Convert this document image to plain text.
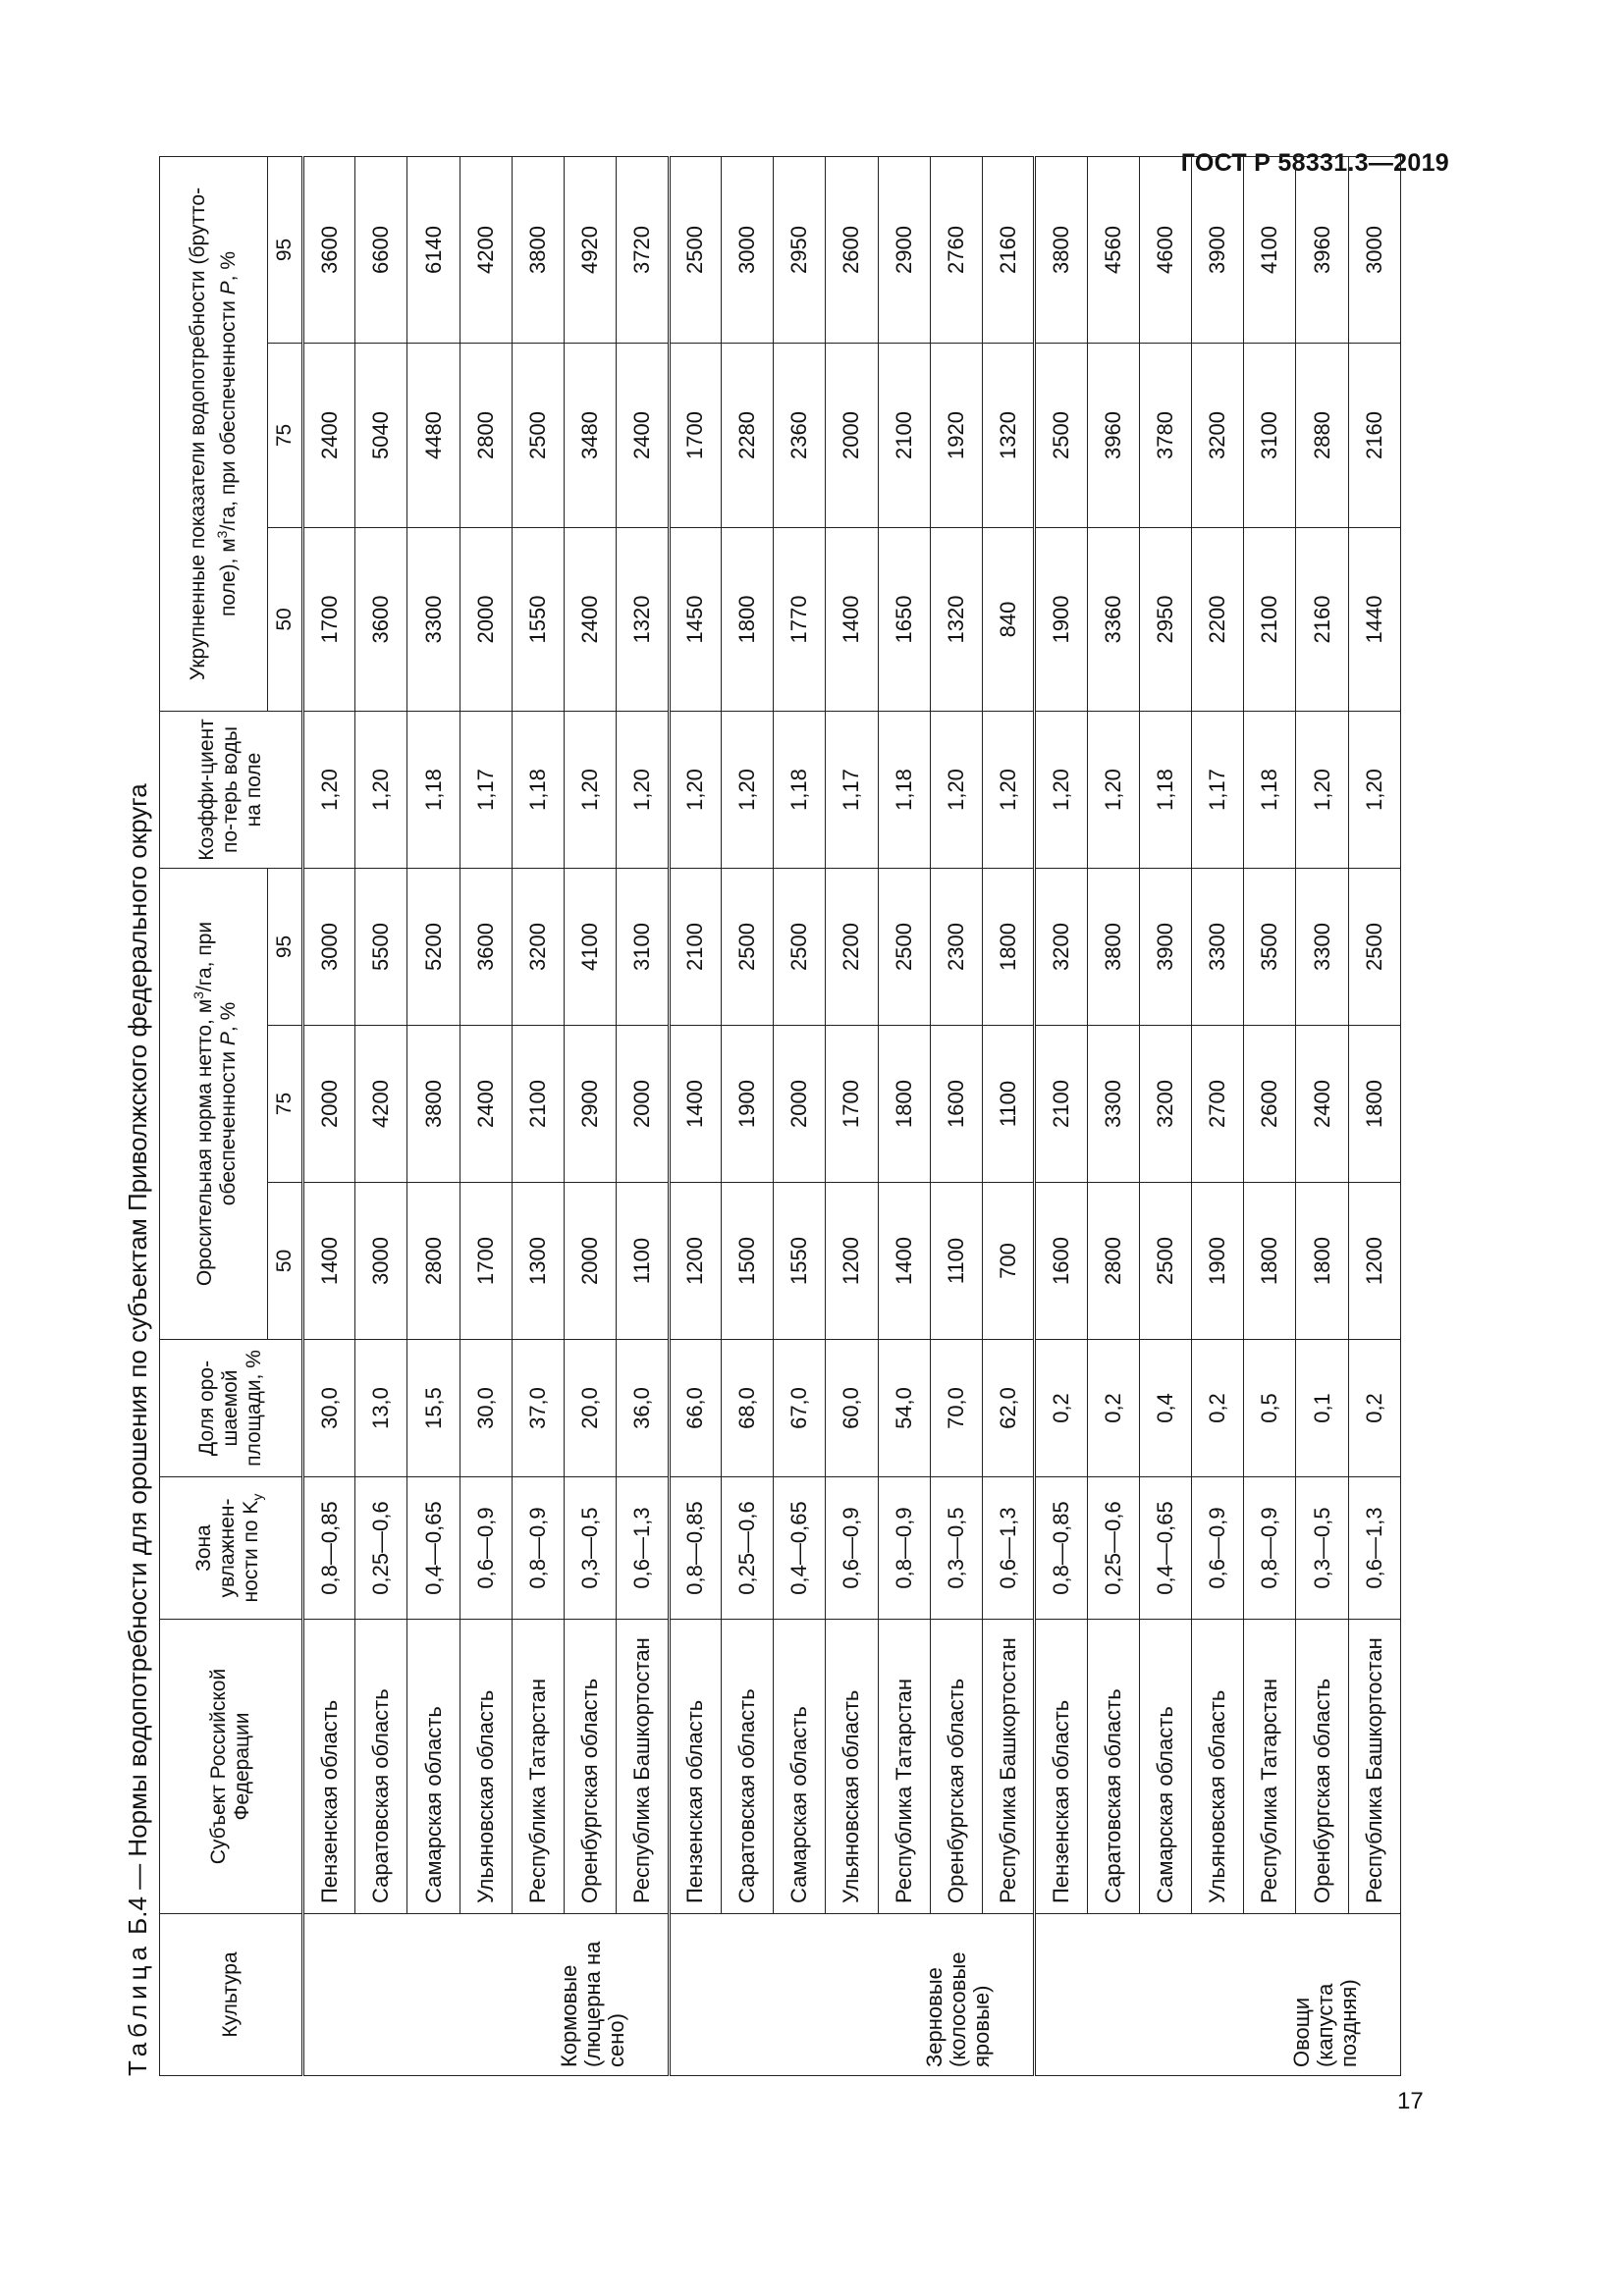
ГОСТ Р 58331.3—2019
Таблица Б.4 — Нормы водопотребности для орошения по субъектам Приволжского федерального округа
Культура	Субъект Российской Федерации	Зона увлажнен-ности по $K_у$	Доля оро-шаемой площади, %	Оросительная норма нетто, $м^3/га$, при обеспеченности P, %			Коэффи-циент по-терь воды на поле	Укрупненные показатели водопотребности (брутто-поле), $м^3/га$, при обеспеченности P, %		
				50	75	95		50	75	95
Кормовые (люцерна на сено)	Пензенская область	0,8—0,85	30,0	1400	2000	3000	1,20	1700	2400	3600
	Саратовская область	0,25—0,6	13,0	3000	4200	5500	1,20	3600	5040	6600
	Самарская область	0,4—0,65	15,5	2800	3800	5200	1,18	3300	4480	6140
	Ульяновская область	0,6—0,9	30,0	1700	2400	3600	1,17	2000	2800	4200
	Республика Татарстан	0,8—0,9	37,0	1300	2100	3200	1,18	1550	2500	3800
	Оренбургская область	0,3—0,5	20,0	2000	2900	4100	1,20	2400	3480	4920
	Республика Башкортостан	0,6—1,3	36,0	1100	2000	3100	1,20	1320	2400	3720
Зерновые (колосовые яровые)	Пензенская область	0,8—0,85	66,0	1200	1400	2100	1,20	1450	1700	2500
	Саратовская область	0,25—0,6	68,0	1500	1900	2500	1,20	1800	2280	3000
	Самарская область	0,4—0,65	67,0	1550	2000	2500	1,18	1770	2360	2950
	Ульяновская область	0,6—0,9	60,0	1200	1700	2200	1,17	1400	2000	2600
	Республика Татарстан	0,8—0,9	54,0	1400	1800	2500	1,18	1650	2100	2900
	Оренбургская область	0,3—0,5	70,0	1100	1600	2300	1,20	1320	1920	2760
	Республика Башкортостан	0,6—1,3	62,0	700	1100	1800	1,20	840	1320	2160
Овощи (капуста поздняя)	Пензенская область	0,8—0,85	0,2	1600	2100	3200	1,20	1900	2500	3800
	Саратовская область	0,25—0,6	0,2	2800	3300	3800	1,20	3360	3960	4560
	Самарская область	0,4—0,65	0,4	2500	3200	3900	1,18	2950	3780	4600
	Ульяновская область	0,6—0,9	0,2	1900	2700	3300	1,17	2200	3200	3900
	Республика Татарстан	0,8—0,9	0,5	1800	2600	3500	1,18	2100	3100	4100
	Оренбургская область	0,3—0,5	0,1	1800	2400	3300	1,20	2160	2880	3960
	Республика Башкортостан	0,6—1,3	0,2	1200	1800	2500	1,20	1440	2160	3000
17
